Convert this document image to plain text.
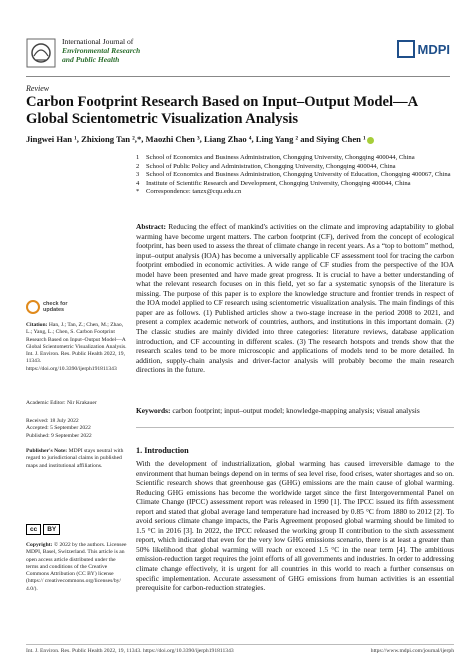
International Journal of
Environmental Research
and Public Health
MDPI
Review
Carbon Footprint Research Based on Input–Output Model—A Global Scientometric Visualization Analysis
Jingwei Han ¹, Zhixiong Tan ²,*, Maozhi Chen ³, Liang Zhao ⁴, Ling Yang ² and Siying Chen ¹
1	School of Economics and Business Administration, Chongqing University, Chongqing 400044, China
2	School of Public Policy and Administration, Chongqing University, Chongqing 400044, China
3	School of Economics and Business Administration, Chongqing University of Education, Chongqing 400067, China
4	Institute of Scientific Research and Development, Chongqing University, Chongqing 400044, China
*	Correspondence: tanzx@cqu.edu.cn
Abstract: Reducing the effect of mankind's activities on the climate and improving adaptability to global warming have become urgent matters. The carbon footprint (CF), derived from the concept of ecological footprint, has been used to assess the threat of climate change in recent years. As a “top to bottom” method, input–output analysis (IOA) has become a universally applicable CF assessment tool for tracing the carbon footprint embodied in economic activities. A wide range of CF studies from the perspective of the IOA model have been presented and have made great progress. It is crucial to have a better understanding of what the relevant research focuses on in this field, yet so far a systematic synopsis of the literature is missing. The purpose of this paper is to explore the knowledge structure and frontier trends in respect of the IOA model applied to CF research using scientometric visualization analysis. The main findings of this paper are as follows. (1) Published articles show a two-stage increase in the period 2008 to 2021, and present a complex academic network of countries, authors, and institutions in this important domain. (2) The classic studies are mainly divided into three categories: literature reviews, database application introduction, and CF accounting in different scales. (3) The research hotspots and trends show that the research scales tend to be more microscopic and applications of models tend to be more detailed. In addition, supply-chain analysis and driver-factor analysis will probably become the main research directions in the future.
Keywords: carbon footprint; input–output model; knowledge-mapping analysis; visual analysis
check for
updates
Citation: Han, J.; Tan, Z.; Chen, M.; Zhao, L.; Yang, L.; Chen, S. Carbon Footprint Research Based on Input–Output Model—A Global Scientometric Visualization Analysis. Int. J. Environ. Res. Public Health 2022, 19, 11343. https://doi.org/10.3390/ijerph191811343
Academic Editor: Nir Krakauer
Received: 18 July 2022
Accepted: 5 September 2022
Published: 9 September 2022
Publisher's Note: MDPI stays neutral with regard to jurisdictional claims in published maps and institutional affiliations.
cc	BY
Copyright: © 2022 by the authors. Licensee MDPI, Basel, Switzerland. This article is an open access article distributed under the terms and conditions of the Creative Commons Attribution (CC BY) license (https:// creativecommons.org/licenses/by/ 4.0/).
1. Introduction
With the development of industrialization, global warming has caused irreversible damage to the environment that human beings depend on in terms of sea level rise, food crises, water shortages and so on. Scientific research shows that greenhouse gas (GHG) emissions are the main cause of global warming. Reducing GHG emissions has become the worldwide target since the first Intergovernmental Panel on Climate Change (IPCC) assessment report was released in 1990 [1]. The IPCC issued its fifth assessment report and stated that global average land temperature had increased by 0.85 °C from 1880 to 2012 [2]. To avoid serious climate change impacts, the Paris Agreement proposed global warming should be limited to 1.5 °C in 2016 [3]. In 2022, the IPCC released the working group II contribution to the sixth assessment report, which indicated that even for the very low GHG emissions scenario, there is at least a greater than 50% likelihood that global warming will reach or exceed 1.5 °C in the near term [4]. The ambitious emission-reduction target requires the joint efforts of all governments and industries. In order to addressing climate change effectively, it is urgent for all countries in this world to reach a further consensus on specific implementation. Accurate assessment of GHG emissions from human activities is an essential prerequisite for carbon-reduction strategies.
Int. J. Environ. Res. Public Health 2022, 19, 11343. https://doi.org/10.3390/ijerph191811343	https://www.mdpi.com/journal/ijerph
